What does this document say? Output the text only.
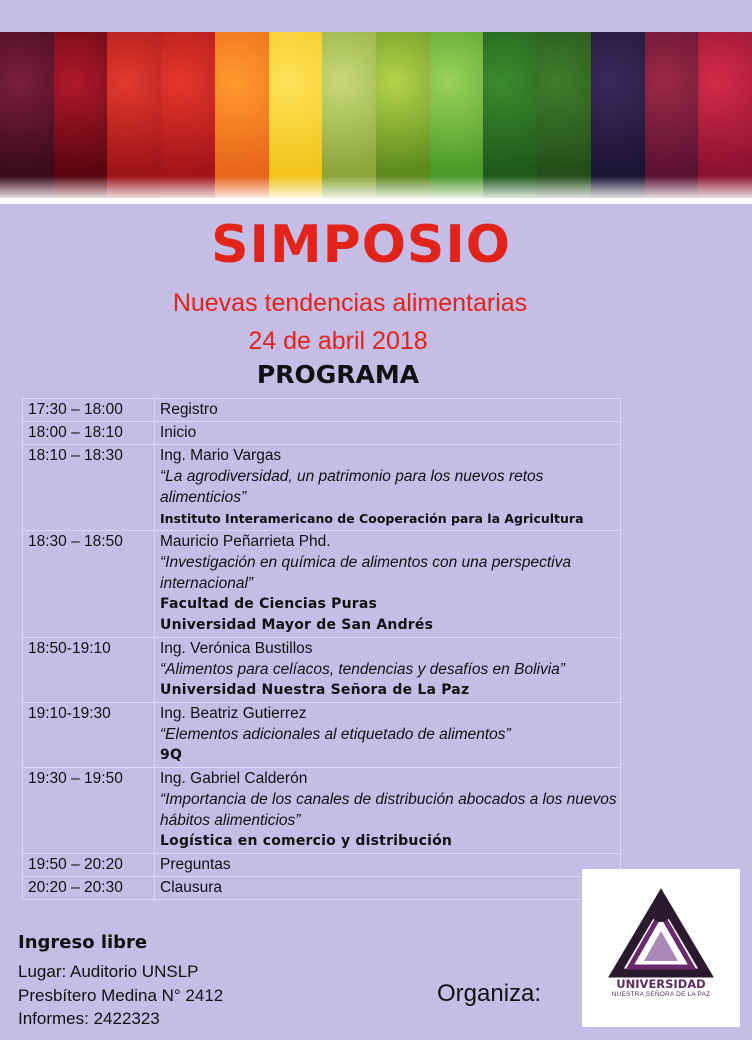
SIMPOSIO
Nuevas tendencias alimentarias
24 de abril 2018
PROGRAMA
17:30 – 18:00	Registro

18:00 – 18:10	Inicio

18:10 – 18:30	Ing. Mario Vargas
“La agrodiversidad, un patrimonio para los nuevos retos alimenticios”
Instituto Interamericano de Cooperación para la Agricultura

18:30 – 18:50	Mauricio Peñarrieta Phd.
“Investigación en química de alimentos con una perspectiva internacional”
Facultad de Ciencias Puras
Universidad Mayor de San Andrés

18:50-19:10	Ing. Verónica Bustillos
“Alimentos para celíacos, tendencias y desafíos en Bolivia”
Universidad Nuestra Señora de La Paz

19:10-19:30	Ing. Beatriz Gutierrez
“Elementos adicionales al etiquetado de alimentos”
9Q

19:30 – 19:50	Ing. Gabriel Calderón
“Importancia de los canales de distribución abocados a los nuevos hábitos alimenticios”
Logística en comercio y distribución

19:50 – 20:20	Preguntas

20:20 – 20:30	Clausura
Ingreso libre
Lugar: Auditorio UNSLP
Presbítero Medina N° 2412
Informes: 2422323
Organiza:	UNIVERSIDAD
NUESTRA SEÑORA DE LA PAZ
